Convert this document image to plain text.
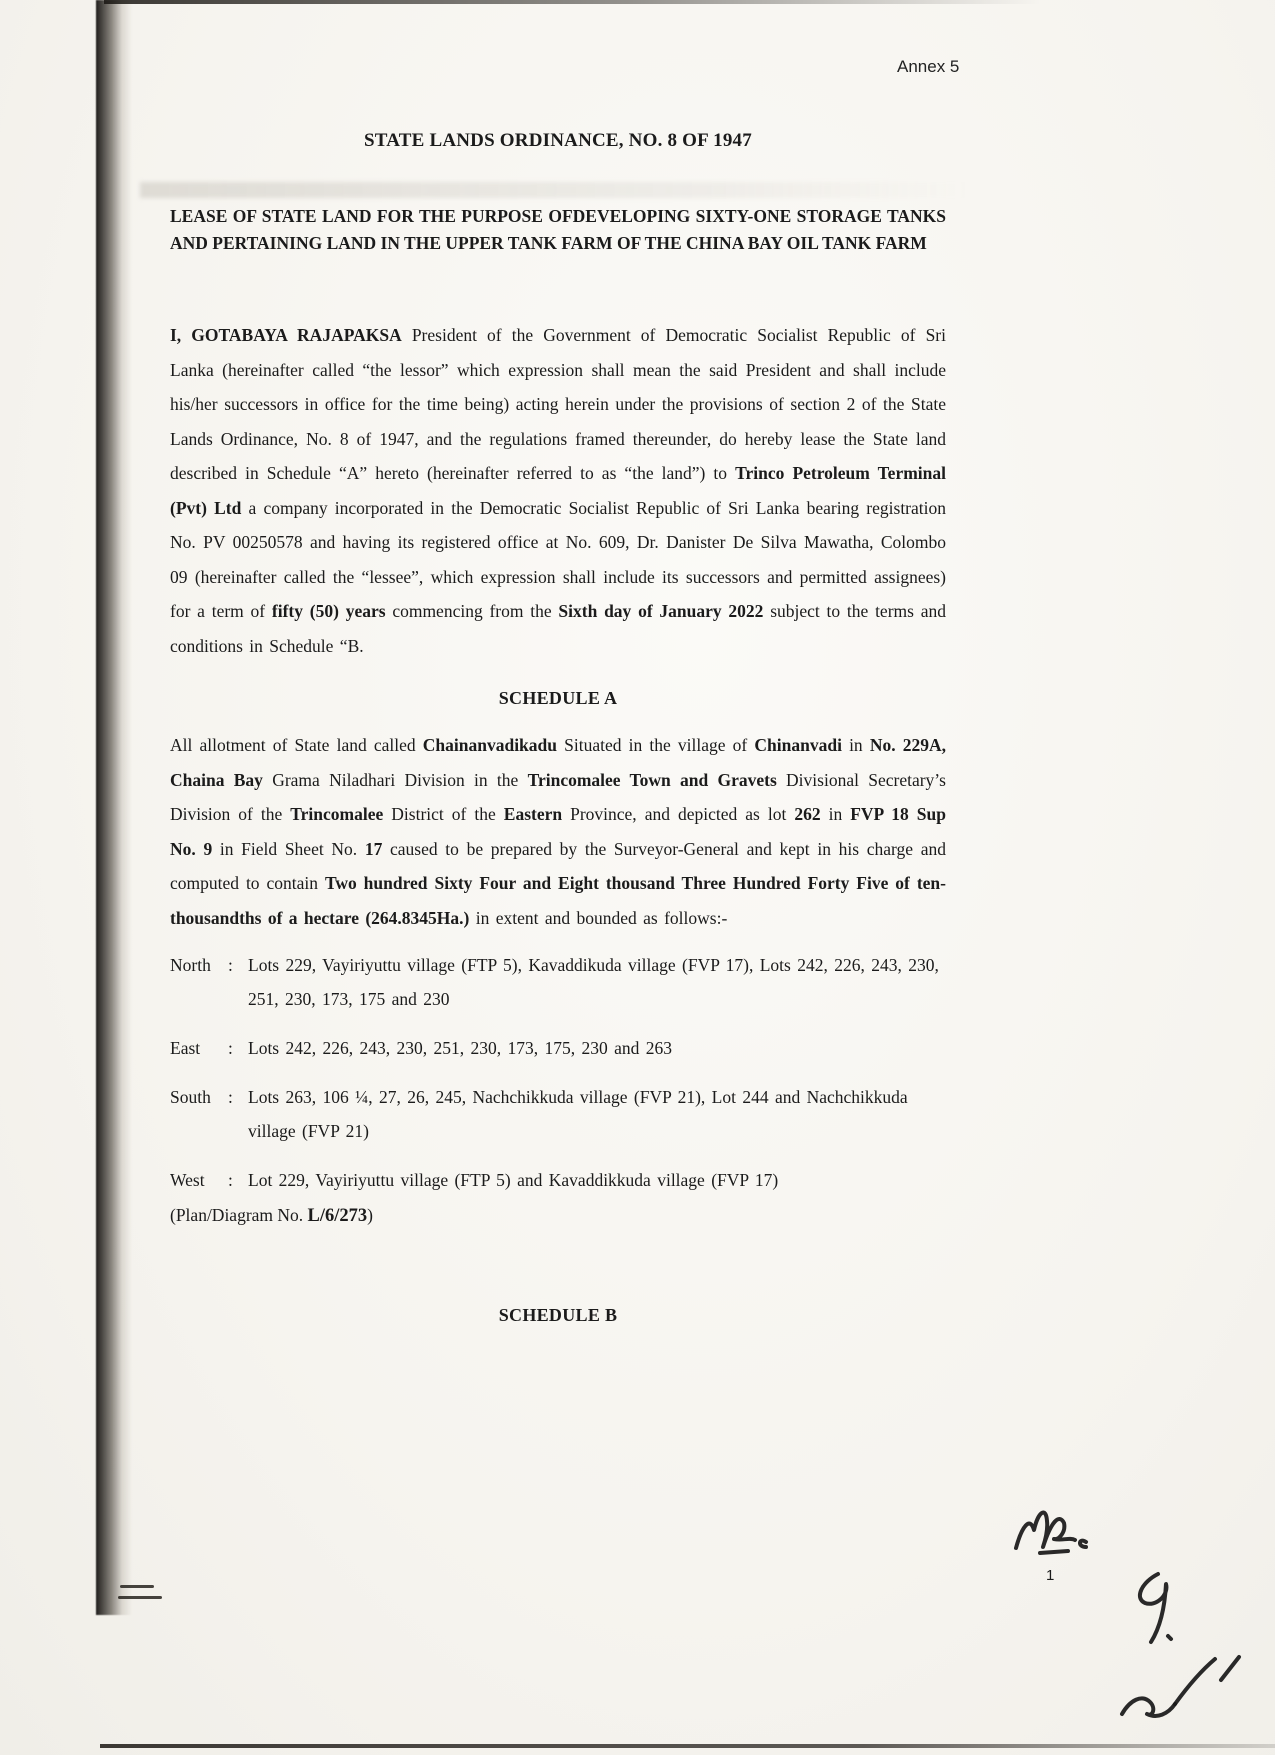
Annex 5
STATE LANDS ORDINANCE, NO. 8 OF 1947
LEASE OF STATE LAND FOR THE PURPOSE OFDEVELOPING SIXTY-ONE STORAGE TANKS AND PERTAINING LAND IN THE UPPER TANK FARM OF THE CHINA BAY OIL TANK FARM
I, GOTABAYA RAJAPAKSA President of the Government of Democratic Socialist Republic of Sri Lanka (hereinafter called “the lessor” which expression shall mean the said President and shall include his/her successors in office for the time being) acting herein under the provisions of section 2 of the State Lands Ordinance, No. 8 of 1947, and the regulations framed thereunder, do hereby lease the State land described in Schedule “A” hereto (hereinafter referred to as “the land”) to Trinco Petroleum Terminal (Pvt) Ltd a company incorporated in the Democratic Socialist Republic of Sri Lanka bearing registration No. PV 00250578 and having its registered office at No. 609, Dr. Danister De Silva Mawatha, Colombo 09 (hereinafter called the “lessee”, which expression shall include its successors and permitted assignees) for a term of fifty (50) years commencing from the Sixth day of January 2022 subject to the terms and conditions in Schedule “B.
SCHEDULE A
All allotment of State land called Chainanvadikadu Situated in the village of Chinanvadi in No. 229A, Chaina Bay Grama Niladhari Division in the Trincomalee Town and Gravets Divisional Secretary’s Division of the Trincomalee District of the Eastern Province, and depicted as lot 262 in FVP 18 Sup No. 9 in Field Sheet No. 17 caused to be prepared by the Surveyor-General and kept in his charge and computed to contain Two hundred Sixty Four and Eight thousand Three Hundred Forty Five of ten- thousandths of a hectare (264.8345Ha.) in extent and bounded as follows:-
North : Lots 229, Vayiriyuttu village (FTP 5), Kavaddikuda village (FVP 17), Lots 242, 226, 243, 230, 251, 230, 173, 175 and 230
East	: Lots 242, 226, 243, 230, 251, 230, 173, 175, 230 and 263
South : Lots 263, 106 ¼, 27, 26, 245, Nachchikkuda village (FVP 21), Lot 244 and Nachchikkuda village (FVP 21)
West	: Lot 229, Vayiriyuttu village (FTP 5) and Kavaddikkuda village (FVP 17)
(Plan/Diagram No. L/6/273)
SCHEDULE B
1
